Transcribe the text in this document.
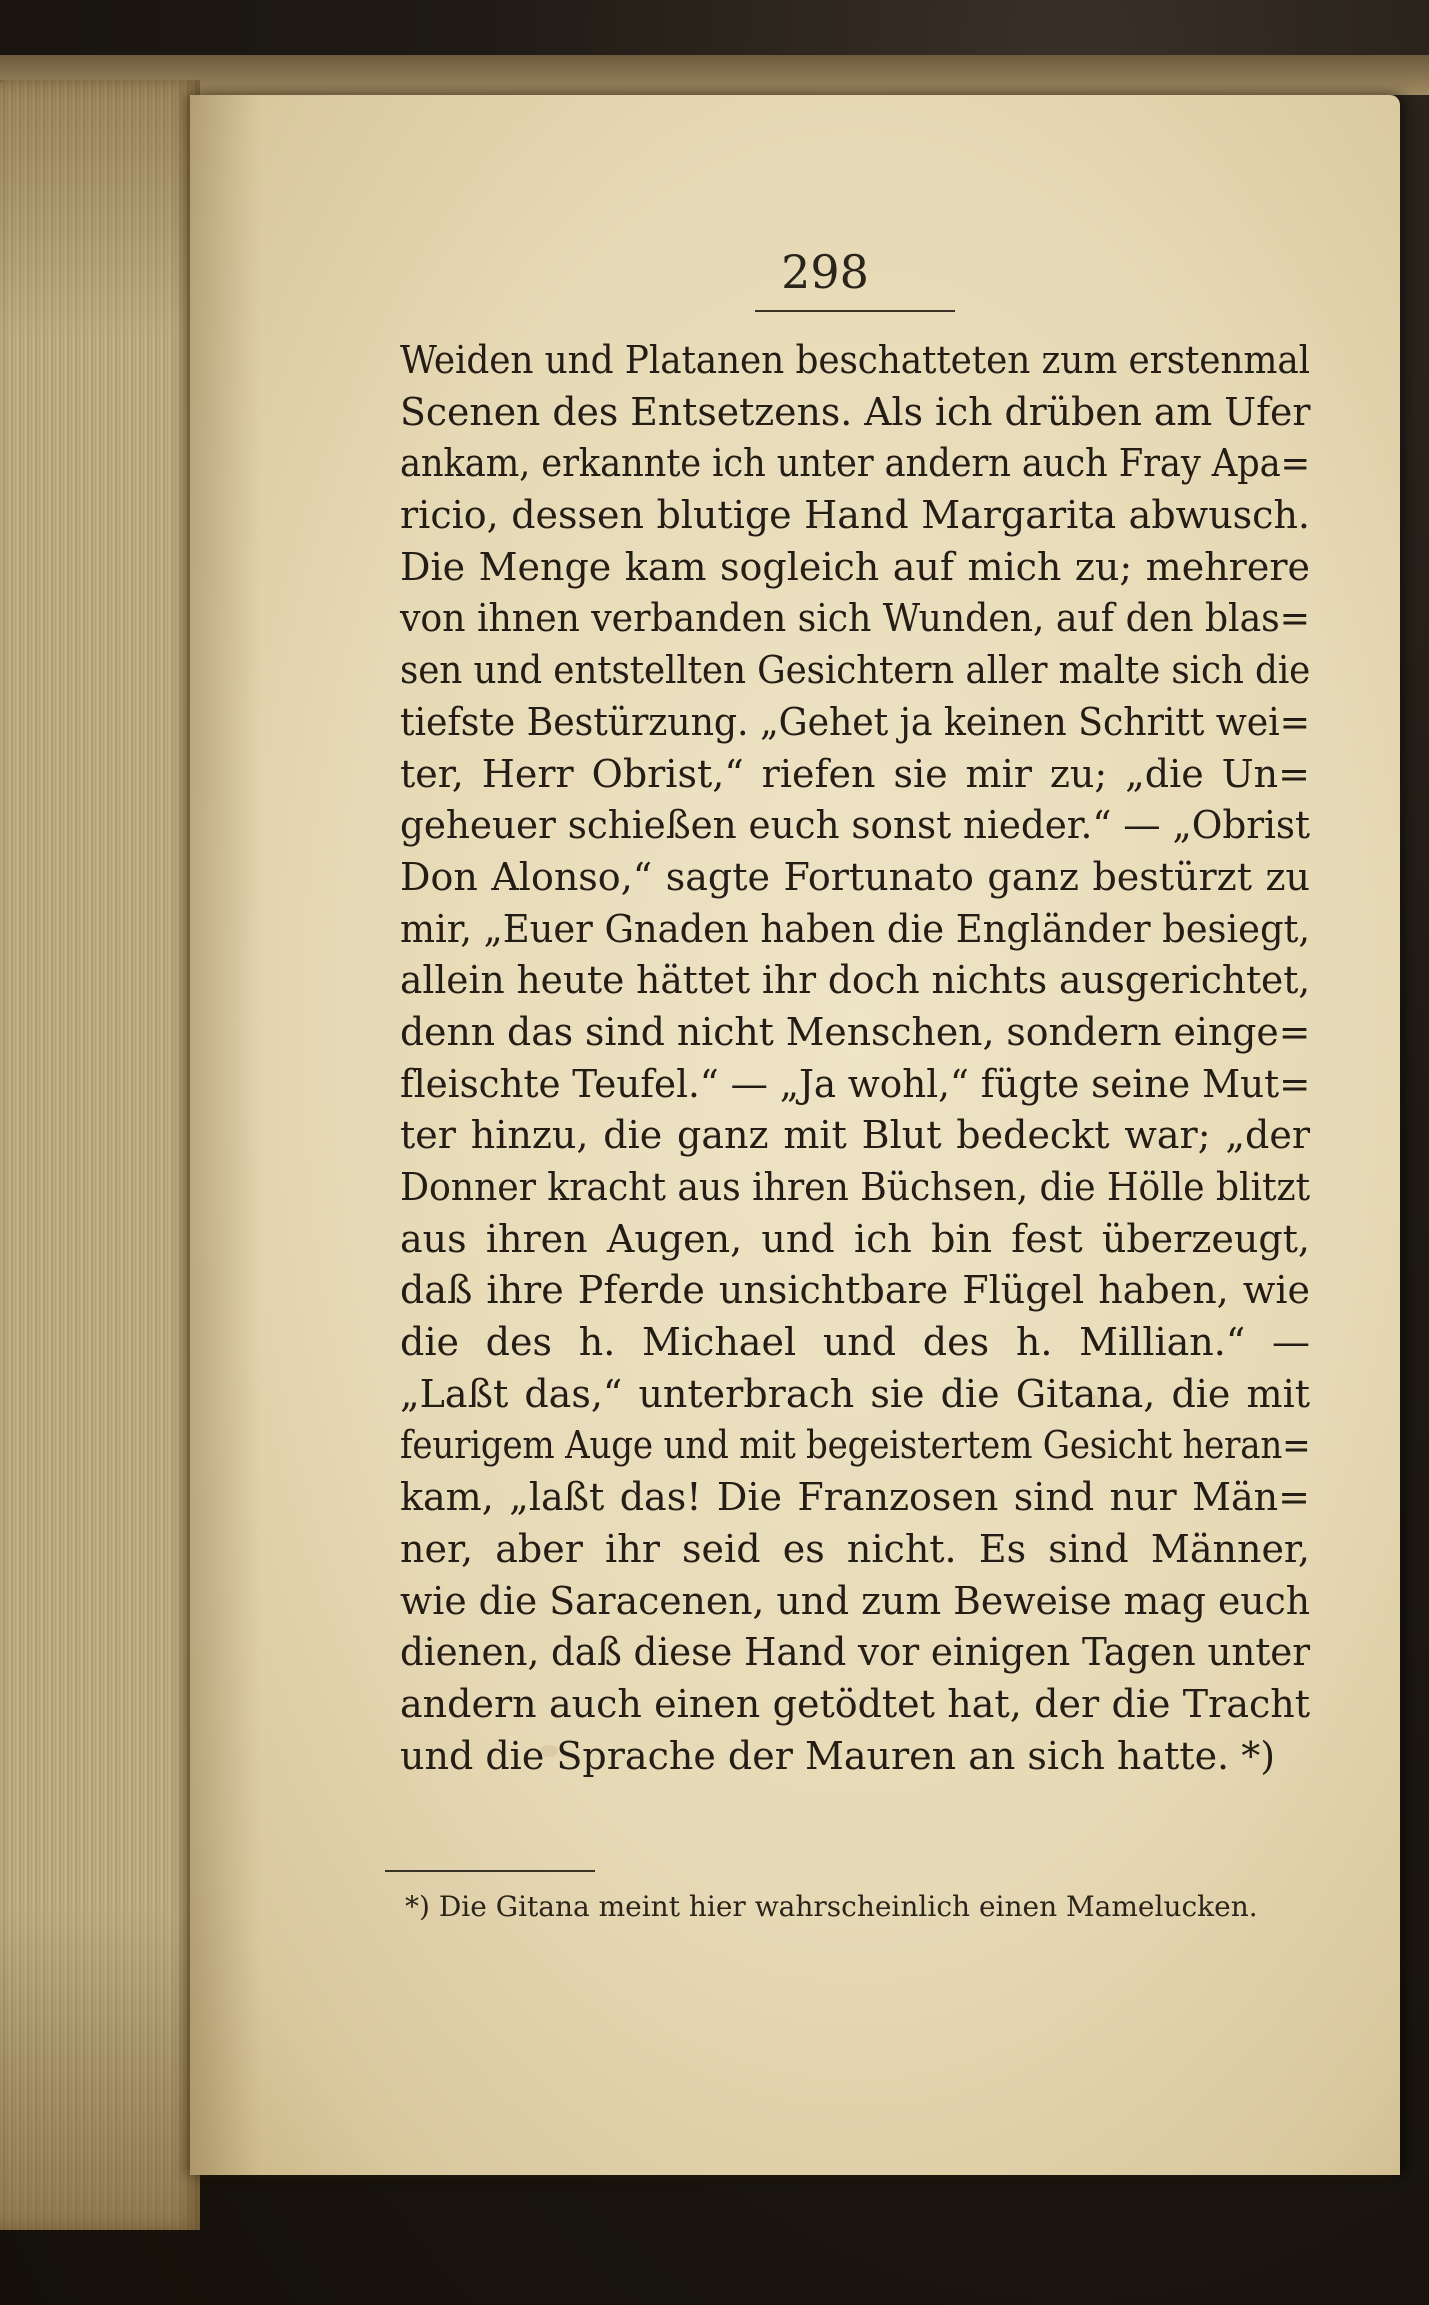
298
Weiden und Platanen beschatteten zum erstenmal
Scenen des Entsetzens. Als ich drüben am Ufer
ankam, erkannte ich unter andern auch Fray Apa=
ricio, dessen blutige Hand Margarita abwusch.
Die Menge kam sogleich auf mich zu; mehrere
von ihnen verbanden sich Wunden, auf den blas=
sen und entstellten Gesichtern aller malte sich die
tiefste Bestürzung. „Gehet ja keinen Schritt wei=
ter, Herr Obrist,“ riefen sie mir zu; „die Un=
geheuer schießen euch sonst nieder.“ — „Obrist
Don Alonso,“ sagte Fortunato ganz bestürzt zu
mir, „Euer Gnaden haben die Engländer besiegt,
allein heute hättet ihr doch nichts ausgerichtet,
denn das sind nicht Menschen, sondern einge=
fleischte Teufel.“ — „Ja wohl,“ fügte seine Mut=
ter hinzu, die ganz mit Blut bedeckt war; „der
Donner kracht aus ihren Büchsen, die Hölle blitzt
aus ihren Augen, und ich bin fest überzeugt,
daß ihre Pferde unsichtbare Flügel haben, wie
die des h. Michael und des h. Millian.“ —
„Laßt das,“ unterbrach sie die Gitana, die mit
feurigem Auge und mit begeistertem Gesicht heran=
kam, „laßt das! Die Franzosen sind nur Män=
ner, aber ihr seid es nicht. Es sind Männer,
wie die Saracenen, und zum Beweise mag euch
dienen, daß diese Hand vor einigen Tagen unter
andern auch einen getödtet hat, der die Tracht
und die Sprache der Mauren an sich hatte. *)
*) Die Gitana meint hier wahrscheinlich einen Mamelucken.
